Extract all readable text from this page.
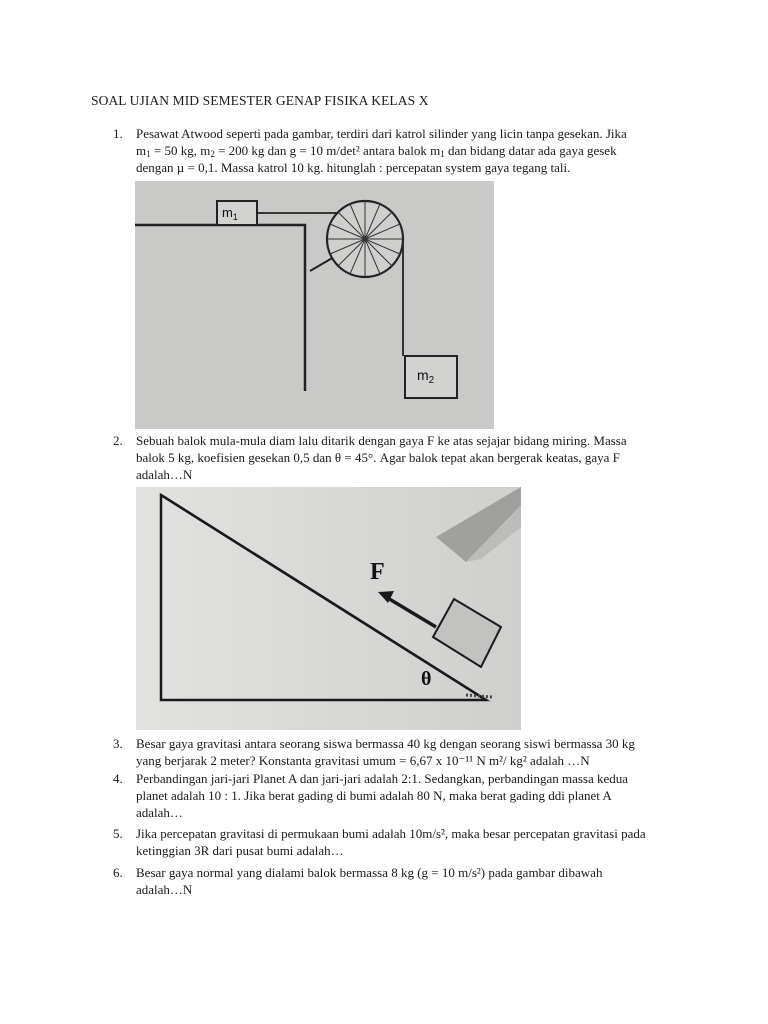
SOAL UJIAN MID SEMESTER GENAP FISIKA KELAS X
1.	Pesawat Atwood seperti pada gambar, terdiri dari katrol silinder yang licin tanpa gesekan. Jika
$m_1 = 50$ kg, $m_2 = 200$ kg dan g = 10 m/det² antara balok $m_1$ dan bidang datar ada gaya gesek
dengan µ = 0,1. Massa katrol 10 kg. hitunglah : percepatan system gaya tegang tali.
$m_1$
$m_2$
2.	Sebuah balok mula-mula diam lalu ditarik dengan gaya F ke atas sejajar bidang miring. Massa
balok 5 kg, koefisien gesekan 0,5 dan θ = 45°. Agar balok tepat akan bergerak keatas, gaya F
adalah…N
F
θ
3.	Besar gaya gravitasi antara seorang siswa bermassa 40 kg dengan seorang siswi bermassa 30 kg
yang berjarak 2 meter? Konstanta gravitasi umum = 6,67 x 10⁻¹¹ N m²/ kg² adalah …N
4.	Perbandingan jari-jari Planet A dan jari-jari adalah 2:1. Sedangkan, perbandingan massa kedua
planet adalah 10 : 1. Jika berat gading di bumi adalah 80 N, maka berat gading ddi planet A
adalah…
5.	Jika percepatan gravitasi di permukaan bumi adalah 10m/s², maka besar percepatan gravitasi pada
ketinggian 3R dari pusat bumi adalah…
6.	Besar gaya normal yang dialami balok bermassa 8 kg (g = 10 m/s²) pada gambar dibawah
adalah…N
